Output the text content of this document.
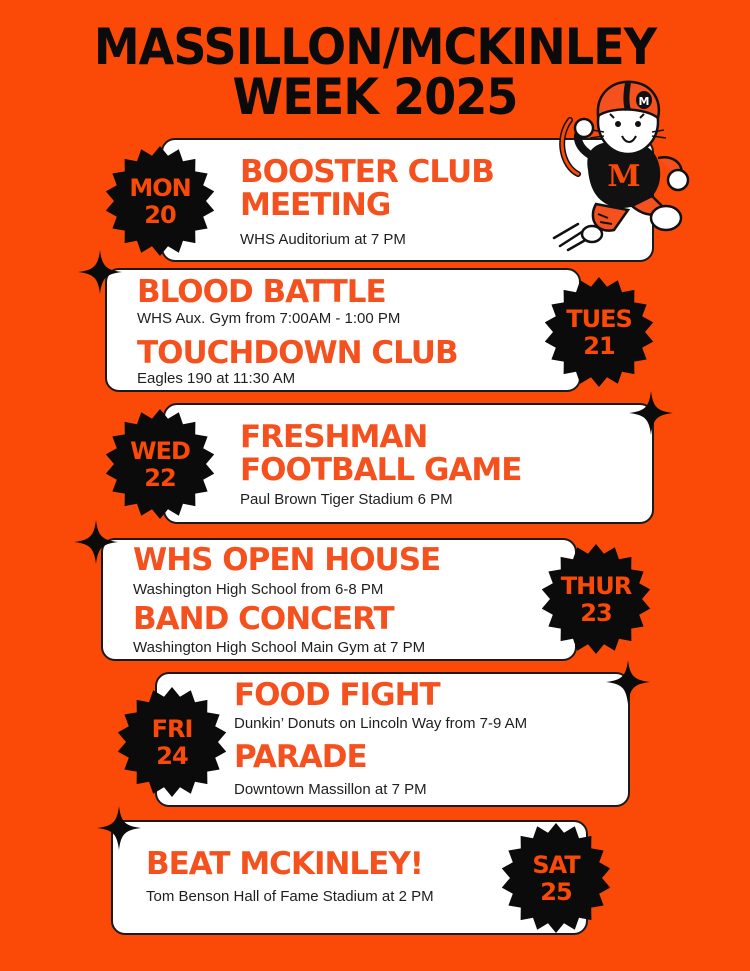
MASSILLON/MCKINLEY
WEEK 2025
BOOSTER CLUB
MEETING
WHS Auditorium at 7 PM
MON
20
M
M
BLOOD BATTLE
WHS Aux. Gym from 7:00AM - 1:00 PM
TOUCHDOWN CLUB
Eagles 190 at 11:30 AM
TUES
21
FRESHMAN
FOOTBALL GAME
Paul Brown Tiger Stadium 6 PM
WED
22
WHS OPEN HOUSE
Washington High School from 6-8 PM
BAND CONCERT
Washington High School Main Gym at 7 PM
THUR
23
FOOD FIGHT
Dunkin’ Donuts on Lincoln Way from 7-9 AM
PARADE
Downtown Massillon at 7 PM
FRI
24
BEAT MCKINLEY!
Tom Benson Hall of Fame Stadium at 2 PM
SAT
25
